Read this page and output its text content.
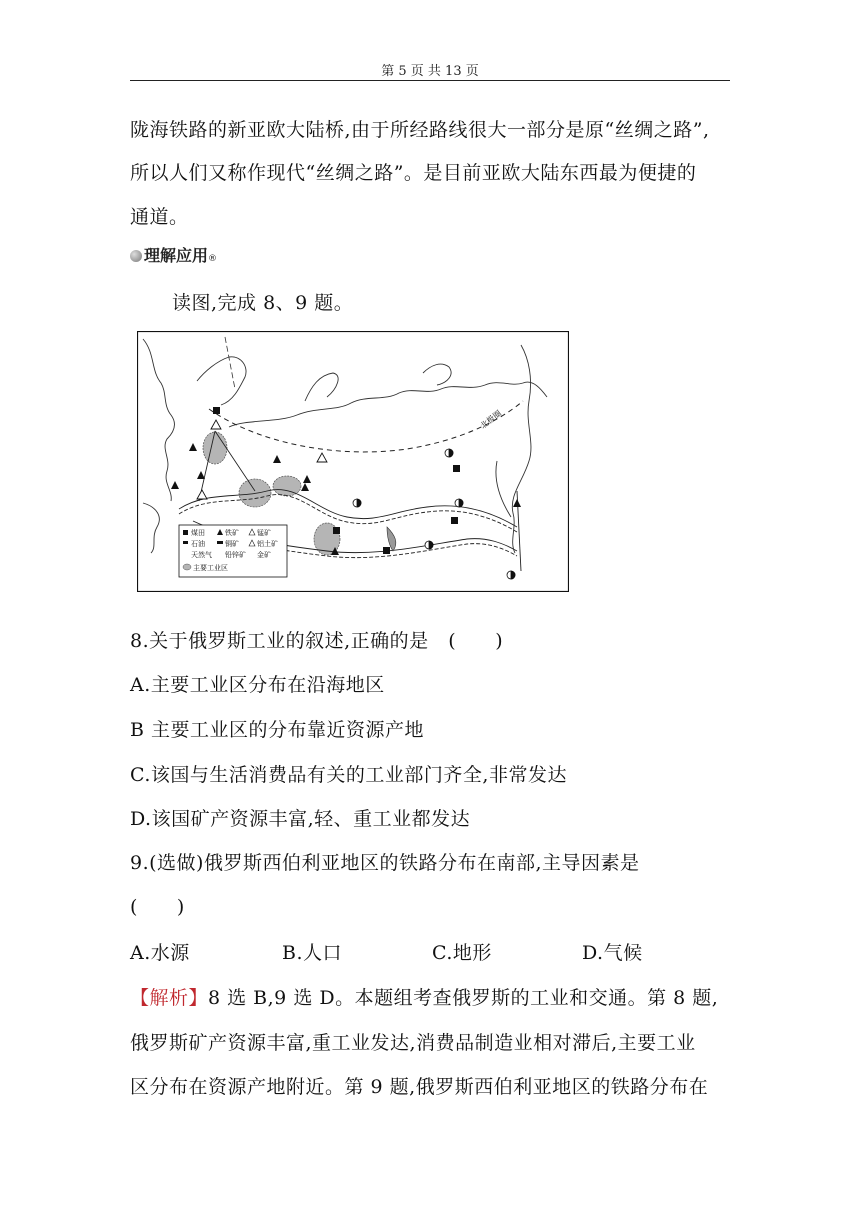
第 5 页 共 13 页
陇海铁路的新亚欧大陆桥,由于所经路线很大一部分是原“丝绸之路”,
所以人们又称作现代“丝绸之路”。是目前亚欧大陆东西最为便捷的
通道。
理解应用®
读图,完成 8、9 题。
北极圈
煤田	铁矿	锰矿
石油	铜矿	铝土矿
天然气 铅锌矿 金矿
主要工业区
8.关于俄罗斯工业的叙述,正确的是 (　　)
A.主要工业区分布在沿海地区
B 主要工业区的分布靠近资源产地
C.该国与生活消费品有关的工业部门齐全,非常发达
D.该国矿产资源丰富,轻、重工业都发达
9.(选做)俄罗斯西伯利亚地区的铁路分布在南部,主导因素是
(　　)
A.水源	B.人口	C.地形	D.气候
【解析】8 选 B,9 选 D。本题组考查俄罗斯的工业和交通。第 8 题,
俄罗斯矿产资源丰富,重工业发达,消费品制造业相对滞后,主要工业
区分布在资源产地附近。第 9 题,俄罗斯西伯利亚地区的铁路分布在
